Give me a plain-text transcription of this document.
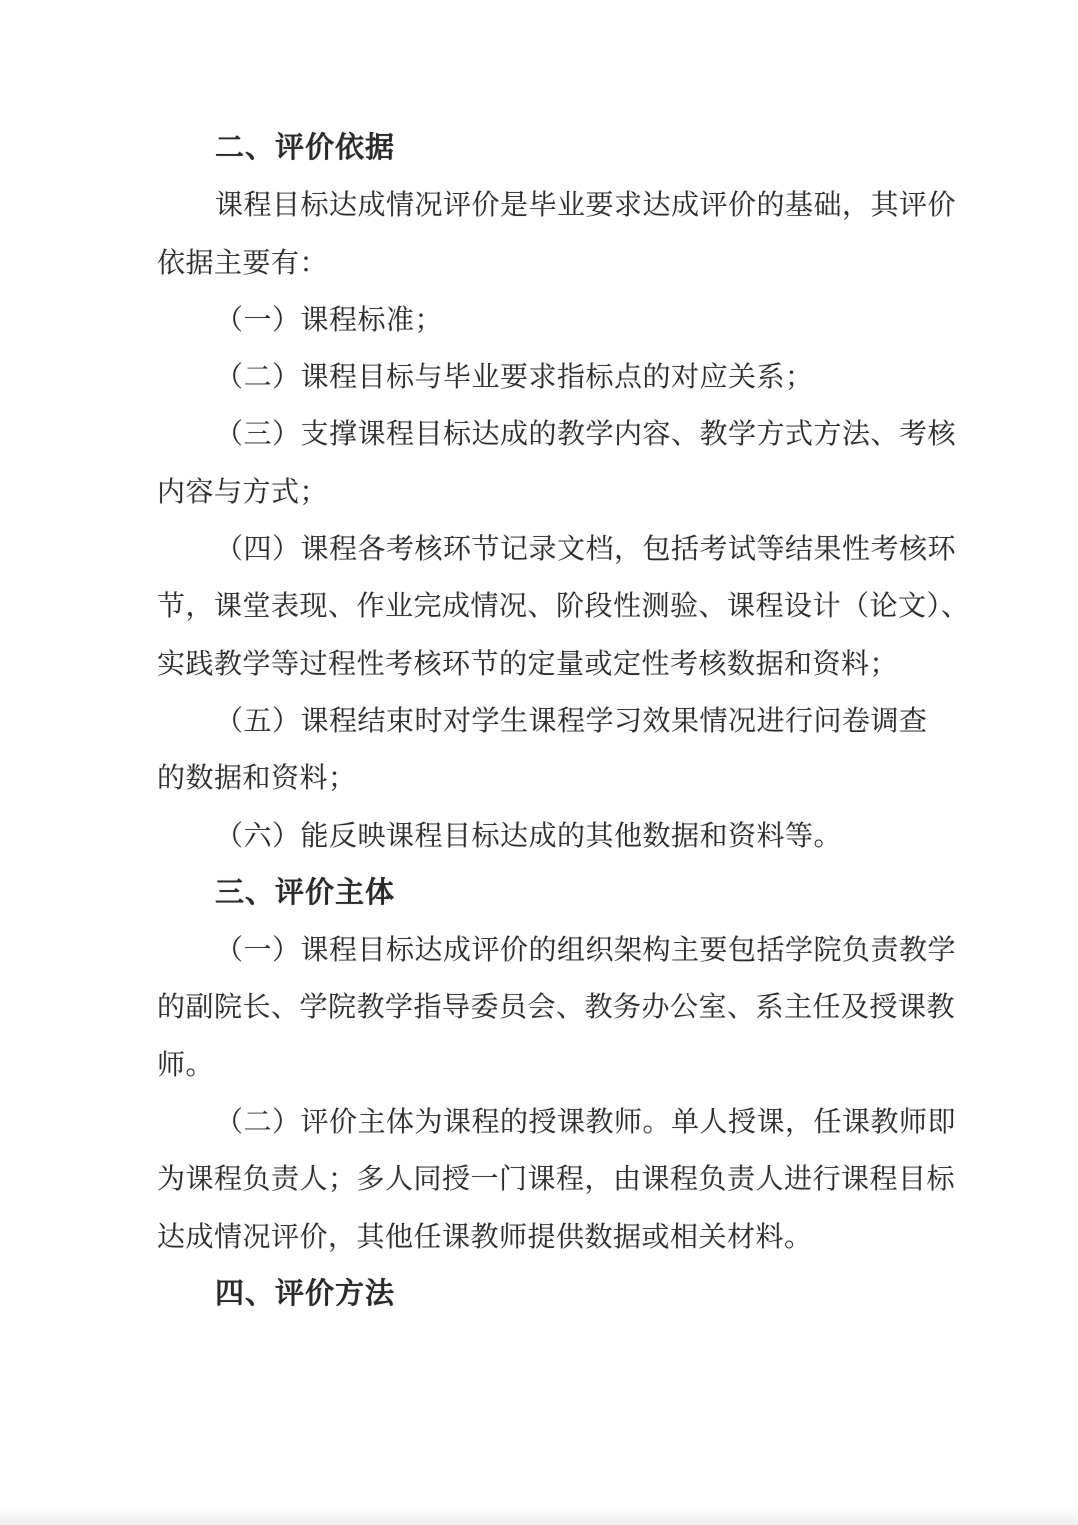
二、评价依据
课程目标达成情况评价是毕业要求达成评价的基础，其评价
依据主要有：
（一）课程标准；
（二）课程目标与毕业要求指标点的对应关系；
（三）支撑课程目标达成的教学内容、教学方式方法、考核
内容与方式；
（四）课程各考核环节记录文档，包括考试等结果性考核环
节，课堂表现、作业完成情况、阶段性测验、课程设计（论文）、
实践教学等过程性考核环节的定量或定性考核数据和资料；
（五）课程结束时对学生课程学习效果情况进行问卷调查
的数据和资料；
（六）能反映课程目标达成的其他数据和资料等。
三、评价主体
（一）课程目标达成评价的组织架构主要包括学院负责教学
的副院长、学院教学指导委员会、教务办公室、系主任及授课教
师。
（二）评价主体为课程的授课教师。单人授课，任课教师即
为课程负责人；多人同授一门课程，由课程负责人进行课程目标
达成情况评价，其他任课教师提供数据或相关材料。
四、评价方法
